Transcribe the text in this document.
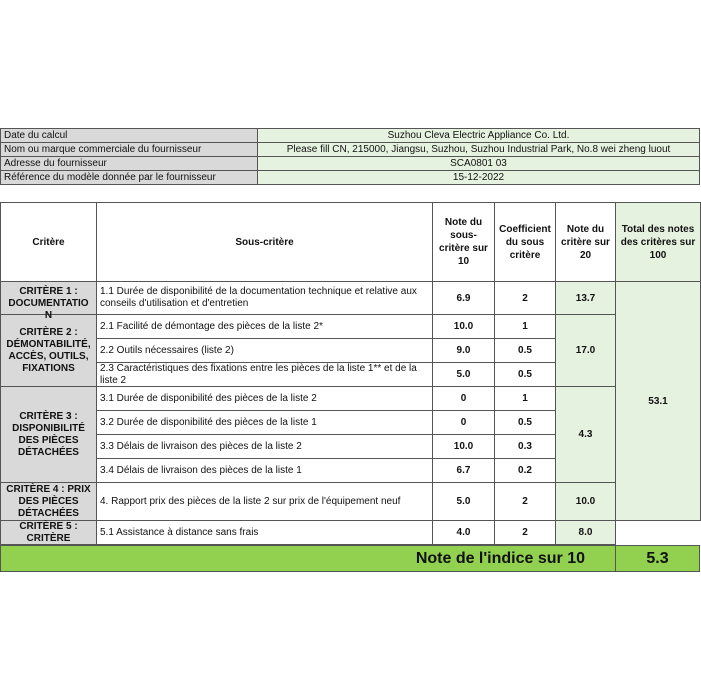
Date du calcul	Suzhou Cleva Electric Appliance Co. Ltd.
Nom ou marque commerciale du fournisseur	Please fill CN, 215000, Jiangsu, Suzhou, Suzhou Industrial Park, No.8 wei zheng luout
Adresse du fournisseur	SCA0801 03
Référence du modèle donnée par le fournisseur	15-12-2022
Critère	Sous-critère	Note du sous-critère sur 10	Coefficient du sous critère	Note du critère sur 20	Total des notes des critères sur 100

CRITÈRE 1 : DOCUMENTATIO N	1.1 Durée de disponibilité de la documentation technique et relative aux conseils d'utilisation et d'entretien	6.9	2	13.7	53.1
CRITÈRE 2 : DÉMONTABILITÉ, ACCÈS, OUTILS, FIXATIONS	2.1 Facilité de démontage des pièces de la liste 2*	10.0	1	17.0	
	2.2 Outils nécessaires (liste 2)	9.0	0.5		

	2.3 Caractéristiques des fixations entre les pièces de la liste 1** et de la liste 2	5.0	0.5		
CRITÈRE 3 : DISPONIBILITÉ DES PIÈCES DÉTACHÉES	3.1 Durée de disponibilité des pièces de la liste 2	0	1	4.3	
	3.2 Durée de disponibilité des pièces de la liste 1	0	0.5		
	3.3 Délais de livraison des pièces de la liste 2	10.0	0.3		
	3.4 Délais de livraison des pièces de la liste 1	6.7	0.2		

CRITÈRE 4 : PRIX DES PIÈCES DÉTACHÉES	4. Rapport prix des pièces de la liste 2 sur prix de l'équipement neuf	5.0	2	10.0	

CRITÈRE 5 : CRITÈRE	5.1 Assistance à distance sans frais	4.0	2	8.0	
Note de l'indice sur 10	5.3
